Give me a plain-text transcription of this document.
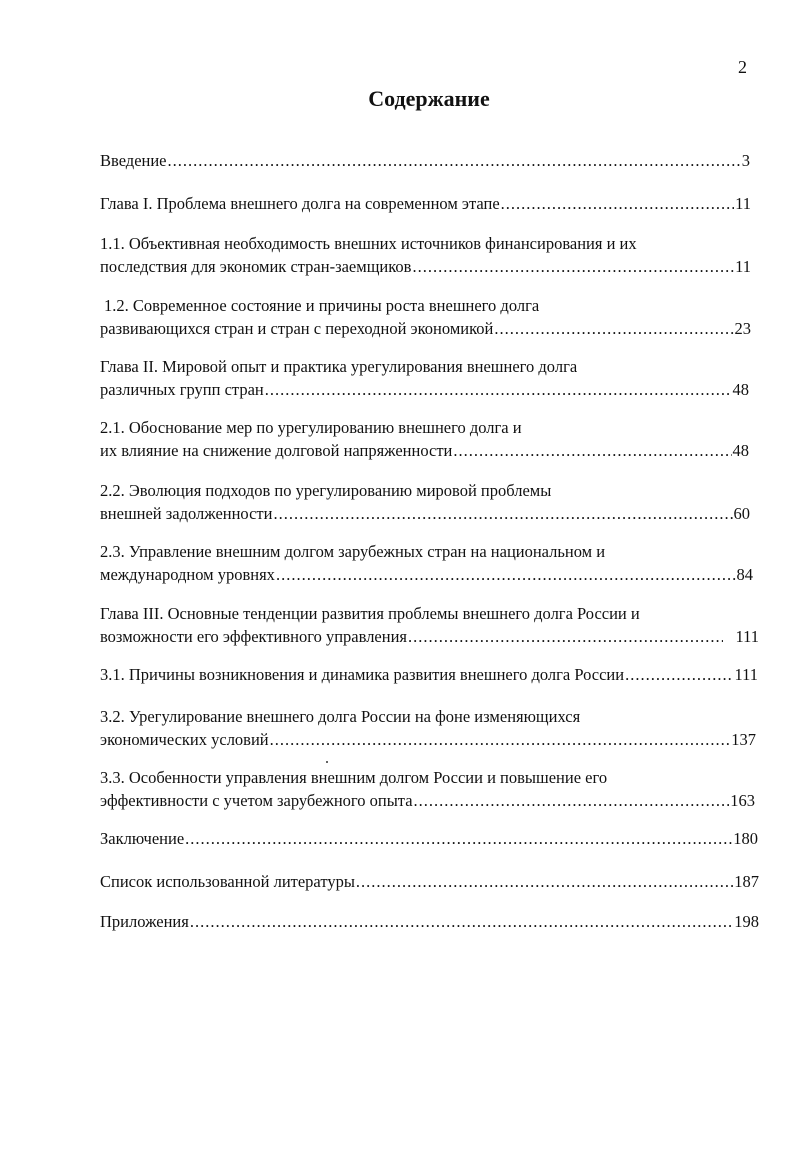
2
Содержание
Введение .....	3
Глава I. Проблема внешнего долга на современном этапе .....	11
1.1. Объективная необходимость внешних источников финансирования и их
последствия для экономик стран-заемщиков .....	11
1.2. Современное состояние и причины роста внешнего долга
развивающихся стран и стран с переходной экономикой .....	23
Глава II. Мировой опыт и практика урегулирования внешнего долга
различных групп стран .....	48
2.1. Обоснование мер по урегулированию внешнего долга и
их влияние на снижение долговой напряженности .....	48
2.2. Эволюция подходов по урегулированию мировой проблемы
внешней задолженности .....	60
2.3. Управление внешним долгом зарубежных стран на национальном и
международном уровнях .....	84
Глава III. Основные тенденции развития проблемы внешнего долга России и
возможности его эффективного управления .....	111
3.1. Причины возникновения и динамика развития внешнего долга России .....	111
3.2. Урегулирование внешнего долга России на фоне изменяющихся
экономических условий .....	137
3.3. Особенности управления внешним долгом России и повышение его
эффективности с учетом зарубежного опыта .....	163
Заключение .....	180
Список использованной литературы .....	187
Приложения .....	198
